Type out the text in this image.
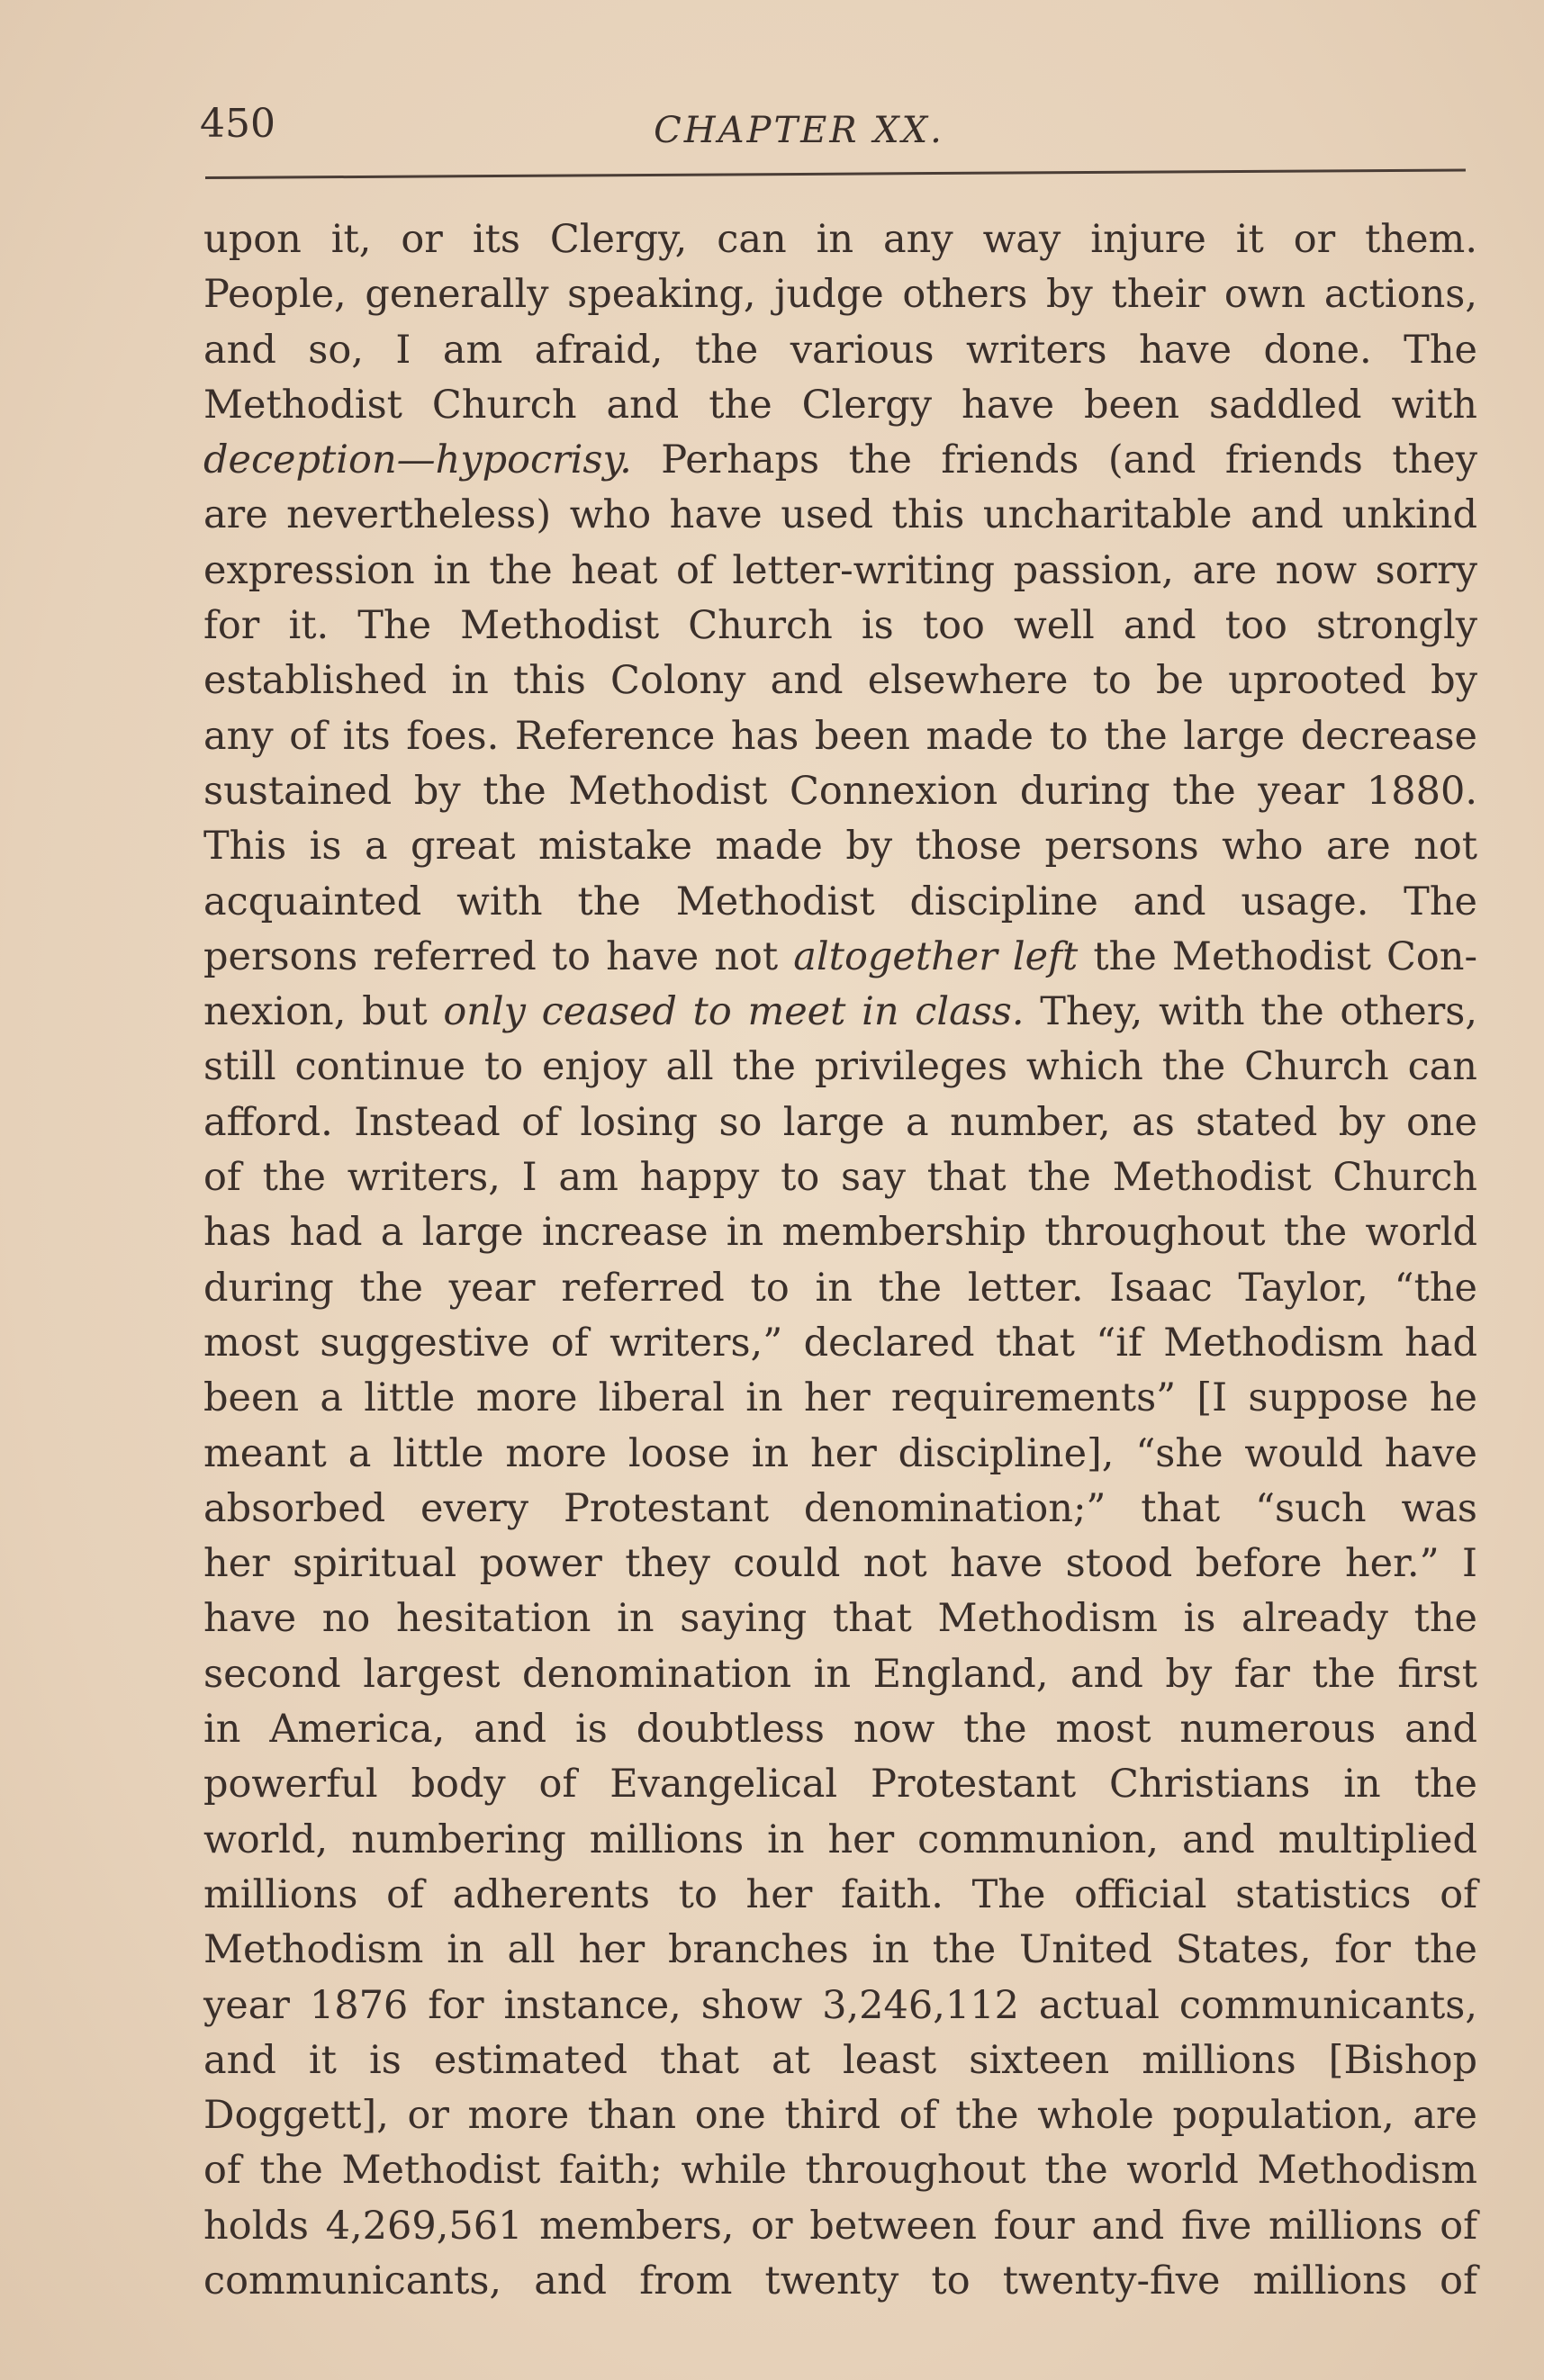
450	CHAPTER XX.
upon it, or its Clergy, can in any way injure it or them.
People, generally speaking, judge others by their own actions,
and so, I am afraid, the various writers have done. The
Methodist Church and the Clergy have been saddled with
deception—hypocrisy. Perhaps the friends (and friends they
are nevertheless) who have used this uncharitable and unkind
expression in the heat of letter-writing passion, are now sorry
for it. The Methodist Church is too well and too strongly
established in this Colony and elsewhere to be uprooted by
any of its foes. Reference has been made to the large decrease
sustained by the Methodist Connexion during the year 1880.
This is a great mistake made by those persons who are not
acquainted with the Methodist discipline and usage. The
persons referred to have not altogether left the Methodist Con-
nexion, but only ceased to meet in class. They, with the others,
still continue to enjoy all the privileges which the Church can
afford. Instead of losing so large a number, as stated by one
of the writers, I am happy to say that the Methodist Church
has had a large increase in membership throughout the world
during the year referred to in the letter. Isaac Taylor, “the
most suggestive of writers,” declared that “if Methodism had
been a little more liberal in her requirements” [I suppose he
meant a little more loose in her discipline], “she would have
absorbed every Protestant denomination;” that “such was
her spiritual power they could not have stood before her.” I
have no hesitation in saying that Methodism is already the
second largest denomination in England, and by far the first
in America, and is doubtless now the most numerous and
powerful body of Evangelical Protestant Christians in the
world, numbering millions in her communion, and multiplied
millions of adherents to her faith. The official statistics of
Methodism in all her branches in the United States, for the
year 1876 for instance, show 3,246,112 actual communicants,
and it is estimated that at least sixteen millions [Bishop
Doggett], or more than one third of the whole population, are
of the Methodist faith; while throughout the world Methodism
holds 4,269,561 members, or between four and five millions of
communicants, and from twenty to twenty-five millions of
